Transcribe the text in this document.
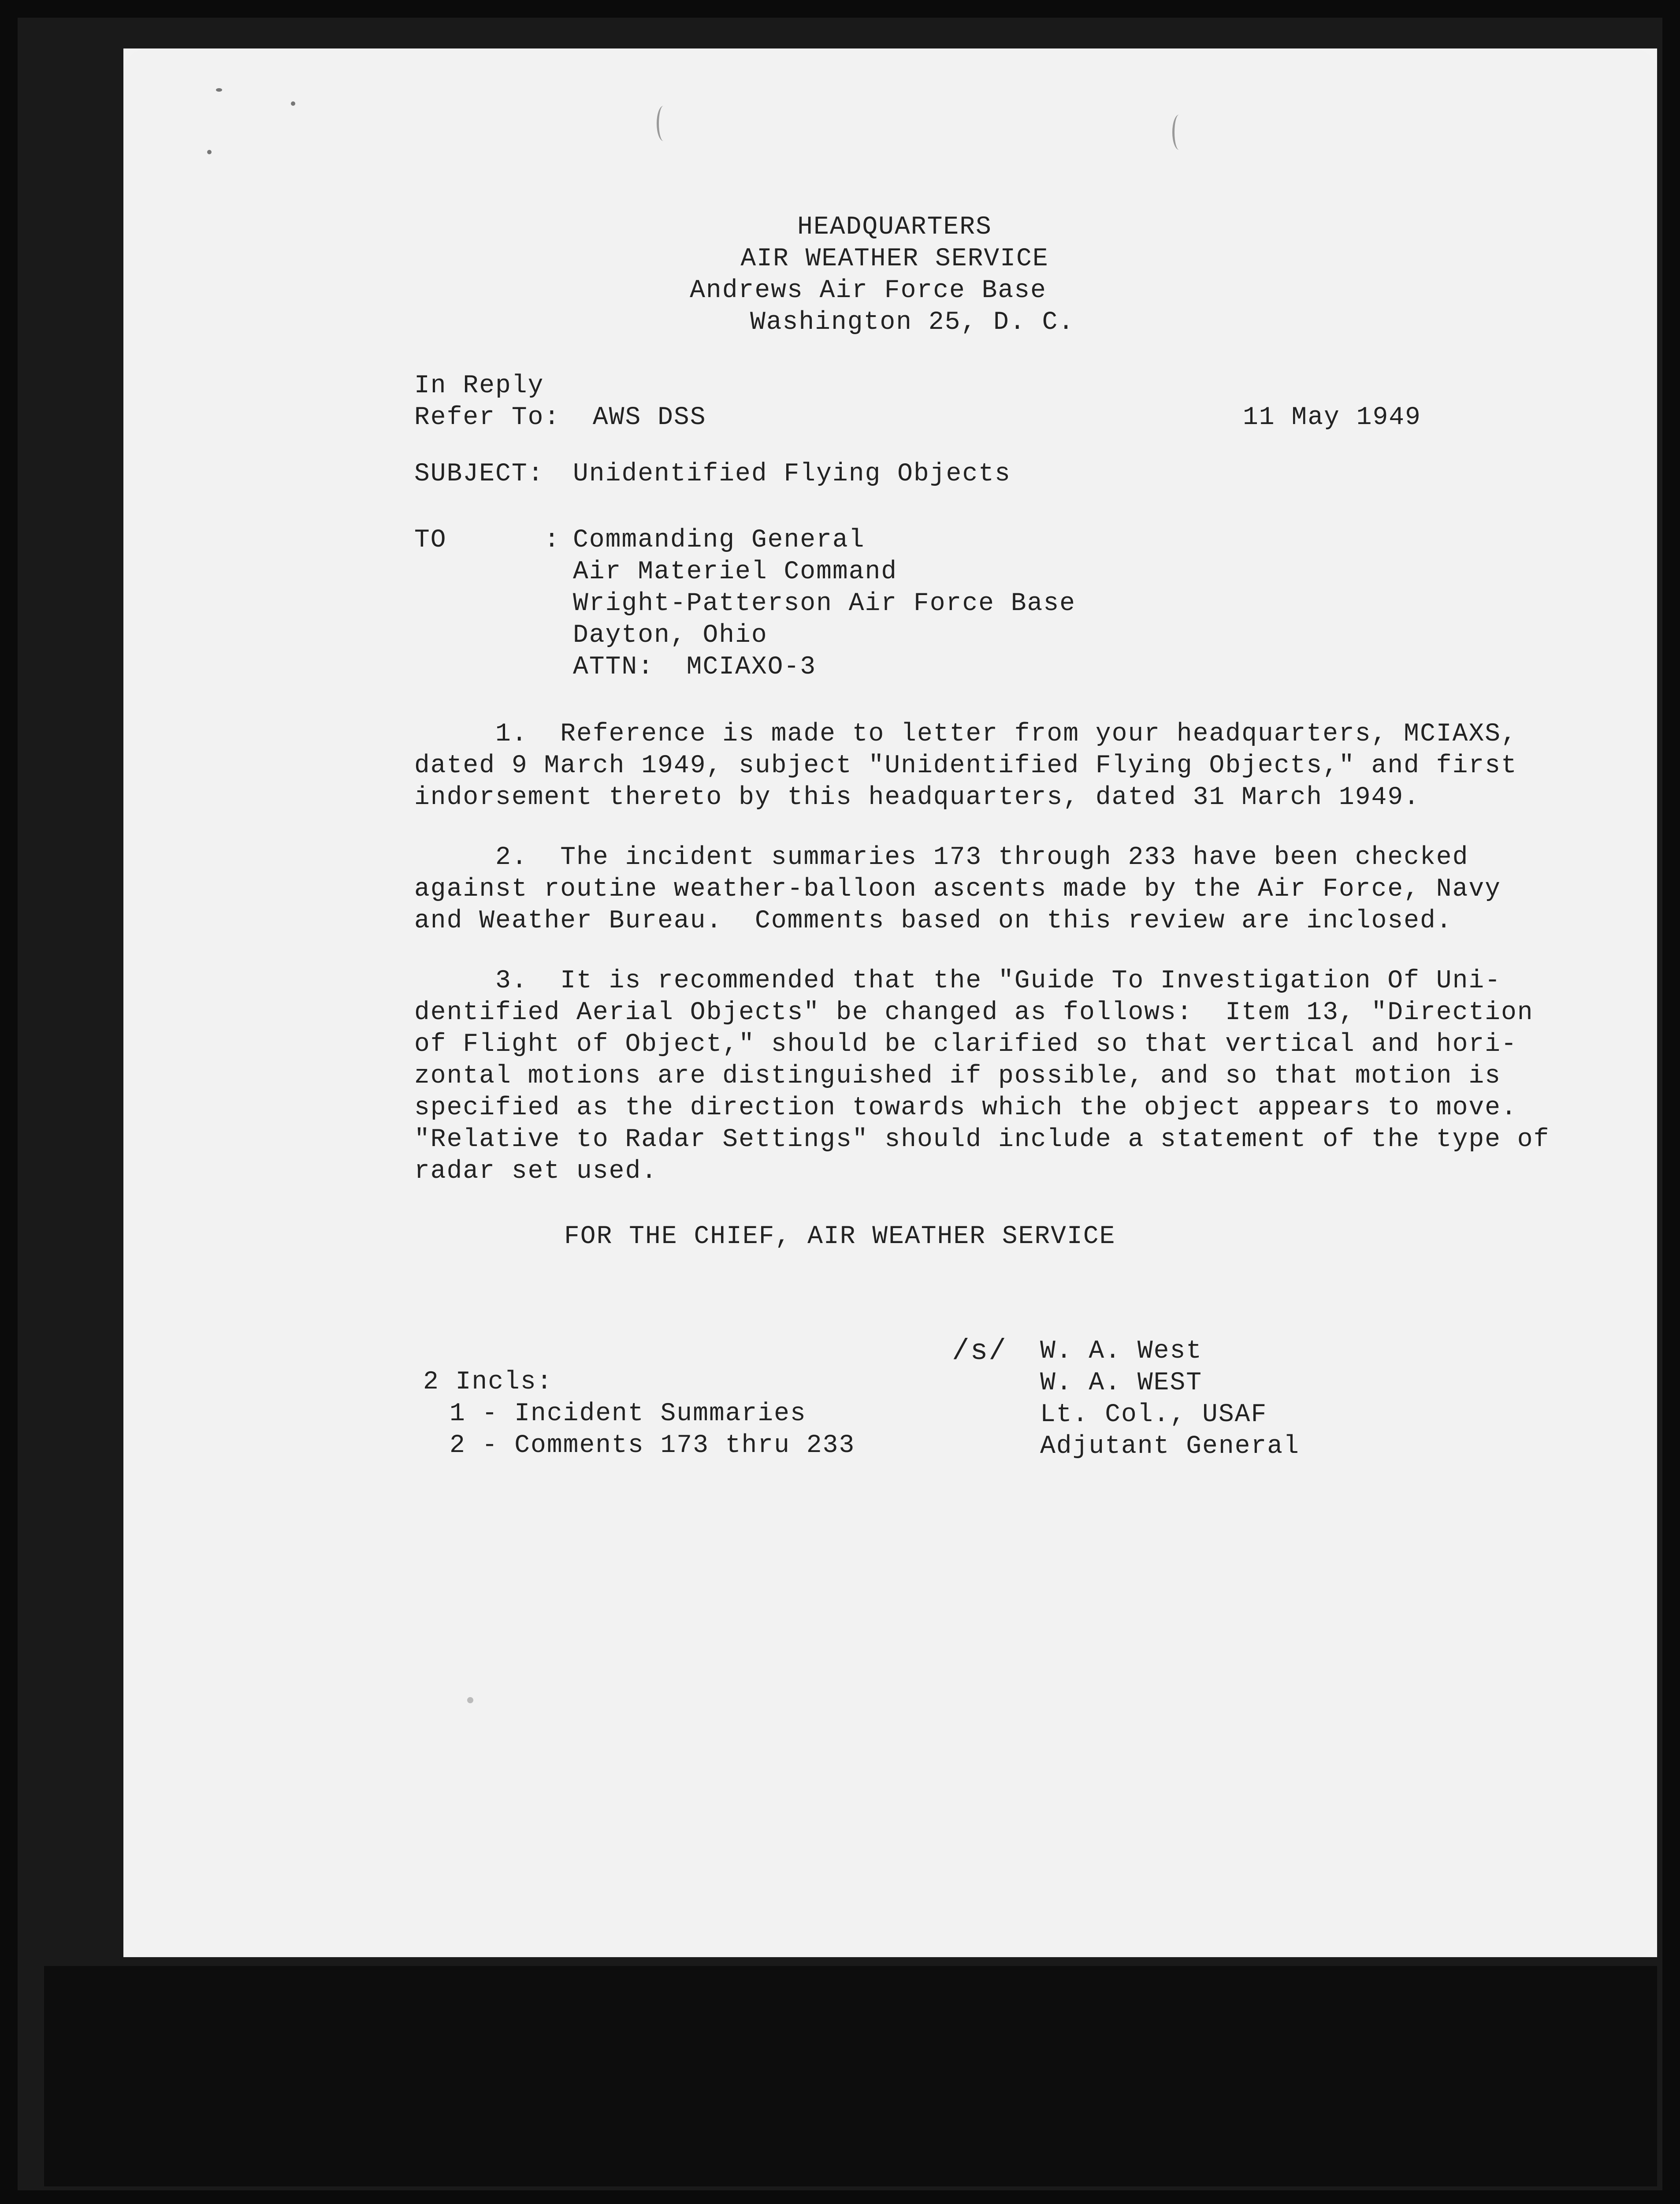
HEADQUARTERS
AIR WEATHER SERVICE
Andrews Air Force Base
Washington 25, D. C.
In Reply
Refer To:  AWS DSS	11 May 1949
SUBJECT: Unidentified Flying Objects
TO      : Commanding General
Air Materiel Command
Wright-Patterson Air Force Base
Dayton, Ohio
ATTN:  MCIAXO-3
1.  Reference is made to letter from your headquarters, MCIAXS,
dated 9 March 1949, subject "Unidentified Flying Objects," and first
indorsement thereto by this headquarters, dated 31 March 1949.
2.  The incident summaries 173 through 233 have been checked
against routine weather-balloon ascents made by the Air Force, Navy
and Weather Bureau.  Comments based on this review are inclosed.
3.  It is recommended that the "Guide To Investigation Of Uni-
dentified Aerial Objects" be changed as follows:  Item 13, "Direction
of Flight of Object," should be clarified so that vertical and hori-
zontal motions are distinguished if possible, and so that motion is
specified as the direction towards which the object appears to move.
"Relative to Radar Settings" should include a statement of the type of
radar set used.
FOR THE CHIEF, AIR WEATHER SERVICE
/s/ W. A. West
W. A. WEST
Lt. Col., USAF
Adjutant General
2 Incls:
1 - Incident Summaries
2 - Comments 173 thru 233
